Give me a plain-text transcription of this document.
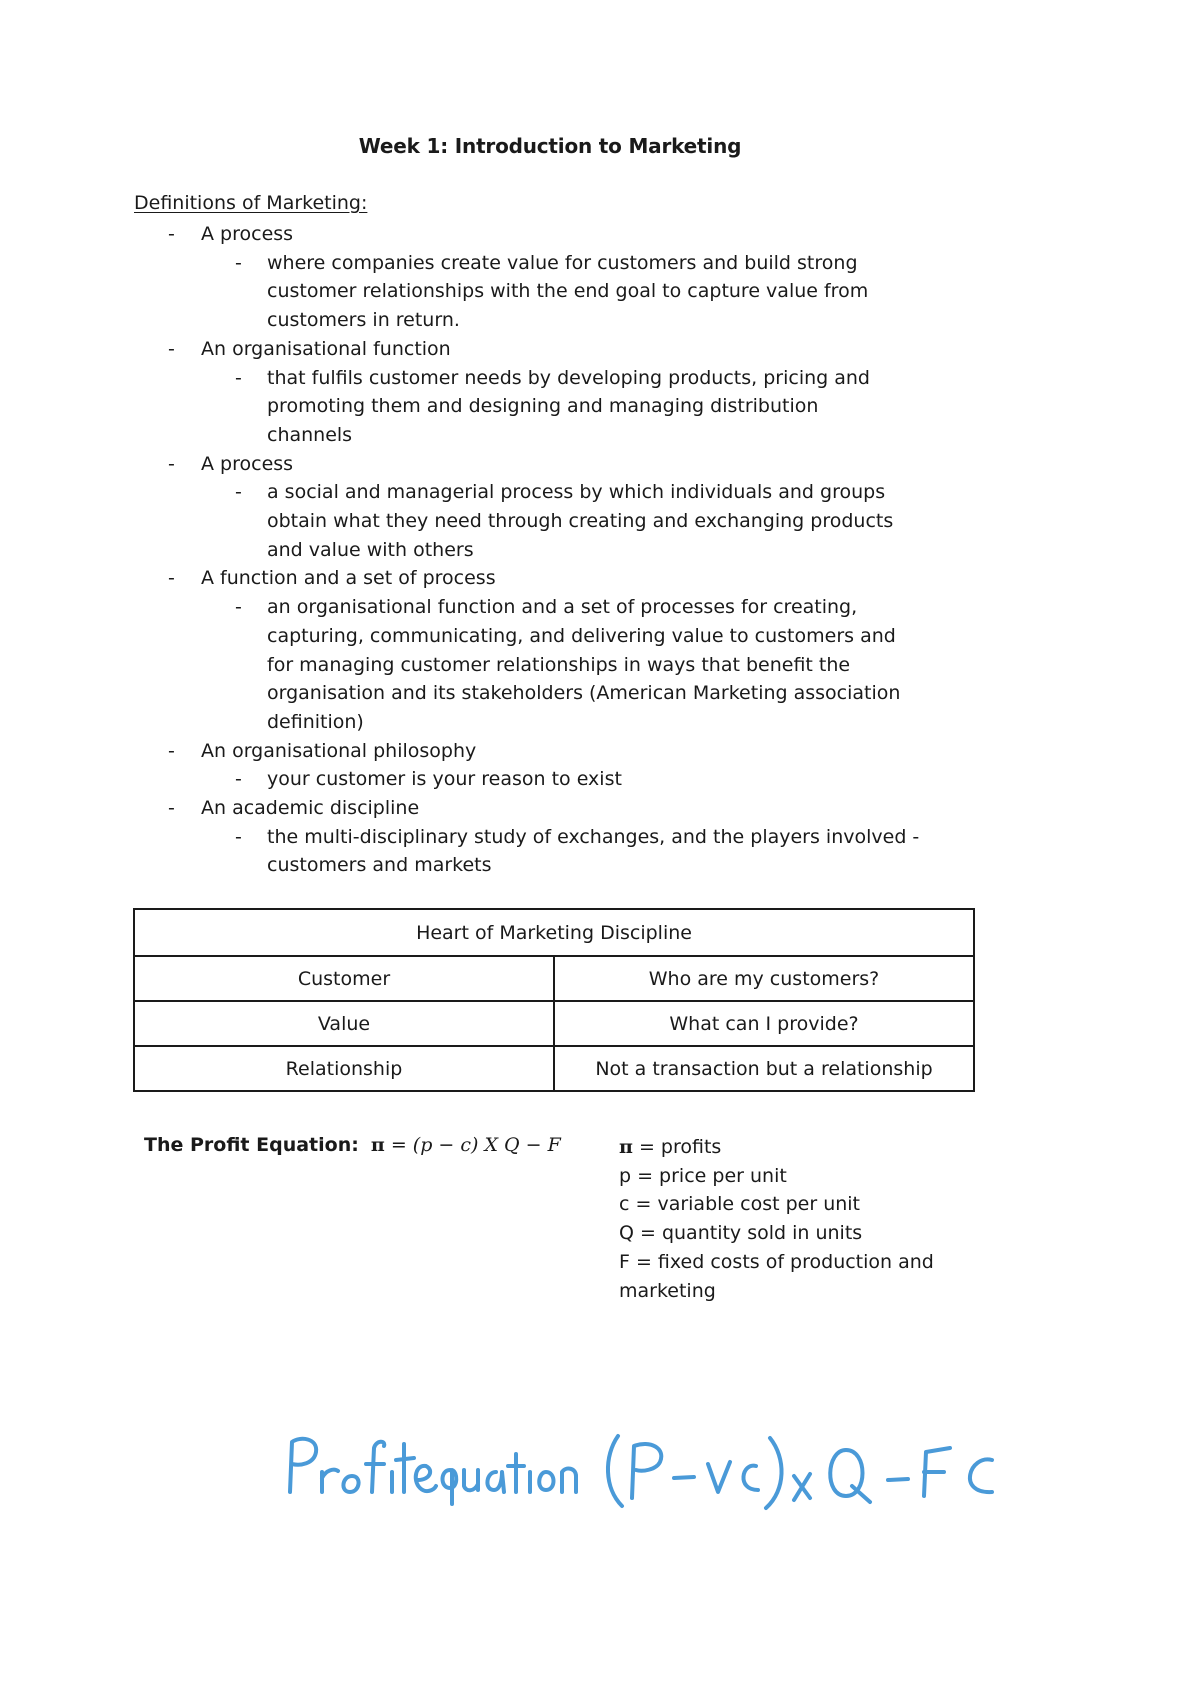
Week 1: Introduction to Marketing
Definitions of Marketing:
- A process
- where companies create value for customers and build strong
customer relationships with the end goal to capture value from
customers in return.
- An organisational function
- that fulfils customer needs by developing products, pricing and
promoting them and designing and managing distribution
channels
- A process
- a social and managerial process by which individuals and groups
obtain what they need through creating and exchanging products
and value with others
- A function and a set of process
- an organisational function and a set of processes for creating,
capturing, communicating, and delivering value to customers and
for managing customer relationships in ways that benefit the
organisation and its stakeholders (American Marketing association
definition)
- An organisational philosophy
- your customer is your reason to exist
- An academic discipline
- the multi-disciplinary study of exchanges, and the players involved -
customers and markets
Heart of Marketing Discipline	
Customer	Who are my customers?
Value	What can I provide?
Relationship	Not a transaction but a relationship
The Profit Equation: π = (p − c) X Q − F	π = profits
p = price per unit
c = variable cost per unit
Q = quantity sold in units
F = fixed costs of production and
marketing
